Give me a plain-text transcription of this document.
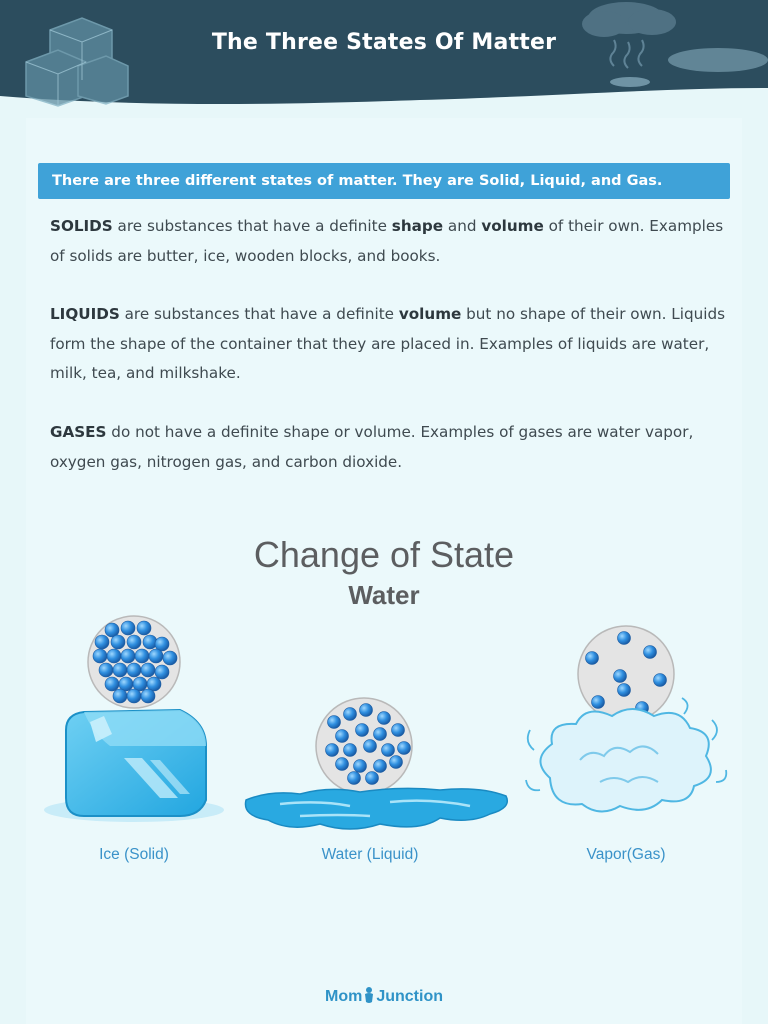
The Three States Of Matter
There are three different states of matter. They are Solid, Liquid, and Gas.
SOLIDS are substances that have a definite shape and volume of their own. Examples of solids are butter, ice, wooden blocks, and books.
LIQUIDS are substances that have a definite volume but no shape of their own. Liquids form the shape of the container that they are placed in. Examples of liquids are water, milk, tea, and milkshake.
GASES do not have a definite shape or volume. Examples of gases are water vapor, oxygen gas, nitrogen gas, and carbon dioxide.
Change of State
Water
Ice (Solid)	Water (Liquid)	Vapor(Gas)
Mom Junction
